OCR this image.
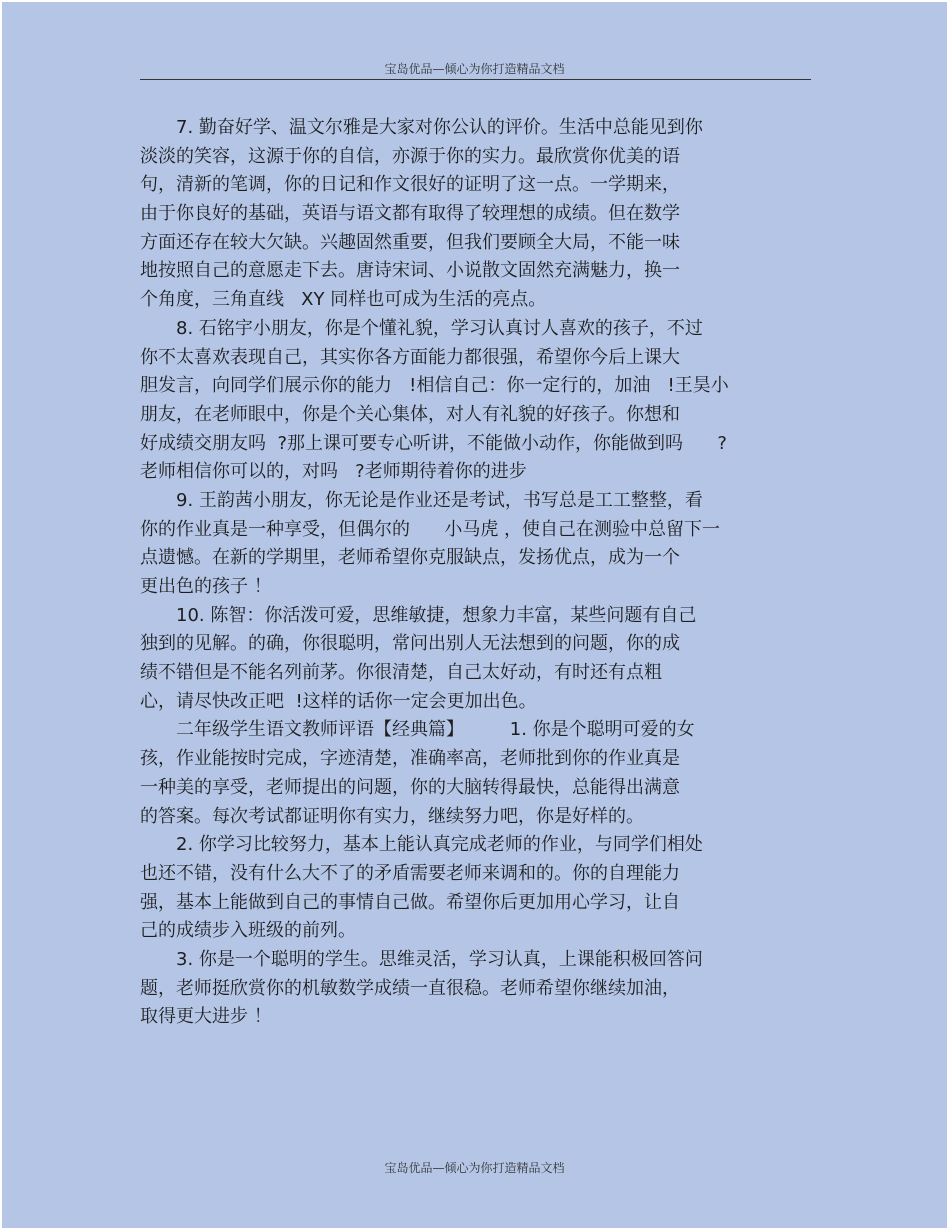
宝岛优品—倾心为你打造精品文档
7. 勤奋好学、温文尔雅是大家对你公认的评价。生活中总能见到你
淡淡的笑容，这源于你的自信，亦源于你的实力。最欣赏你优美的语
句，清新的笔调，你的日记和作文很好的证明了这一点。一学期来，
由于你良好的基础，英语与语文都有取得了较理想的成绩。但在数学
方面还存在较大欠缺。兴趣固然重要，但我们要顾全大局，不能一味
地按照自己的意愿走下去。唐诗宋词、小说散文固然充满魅力，换一
个角度，三角直线   XY 同样也可成为生活的亮点。
8. 石铭宇小朋友，你是个懂礼貌，学习认真讨人喜欢的孩子，不过
你不太喜欢表现自己，其实你各方面能力都很强，希望你今后上课大
胆发言，向同学们展示你的能力   !相信自己：你一定行的，加油   !王昊小
朋友，在老师眼中，你是个关心集体，对人有礼貌的好孩子。你想和
好成绩交朋友吗  ?那上课可要专心听讲，不能做小动作，你能做到吗      ?
老师相信你可以的，对吗   ?老师期待着你的进步
9. 王韵茜小朋友，你无论是作业还是考试，书写总是工工整整，看
你的作业真是一种享受，但偶尔的      小马虎 ，使自己在测验中总留下一
点遗憾。在新的学期里，老师希望你克服缺点，发扬优点，成为一个
更出色的孩子 ！
10. 陈智：你活泼可爱，思维敏捷，想象力丰富，某些问题有自己
独到的见解。的确，你很聪明，常问出别人无法想到的问题，你的成
绩不错但是不能名列前茅。你很清楚，自己太好动，有时还有点粗
心，请尽快改正吧  !这样的话你一定会更加出色。
二年级学生语文教师评语【经典篇】        1. 你是个聪明可爱的女
孩，作业能按时完成，字迹清楚，准确率高，老师批到你的作业真是
一种美的享受，老师提出的问题，你的大脑转得最快，总能得出满意
的答案。每次考试都证明你有实力，继续努力吧，你是好样的。
2. 你学习比较努力，基本上能认真完成老师的作业，与同学们相处
也还不错，没有什么大不了的矛盾需要老师来调和的。你的自理能力
强，基本上能做到自己的事情自己做。希望你后更加用心学习，让自
己的成绩步入班级的前列。
3. 你是一个聪明的学生。思维灵活，学习认真，上课能积极回答问
题，老师挺欣赏你的机敏数学成绩一直很稳。老师希望你继续加油，
取得更大进步 ！
宝岛优品—倾心为你打造精品文档
